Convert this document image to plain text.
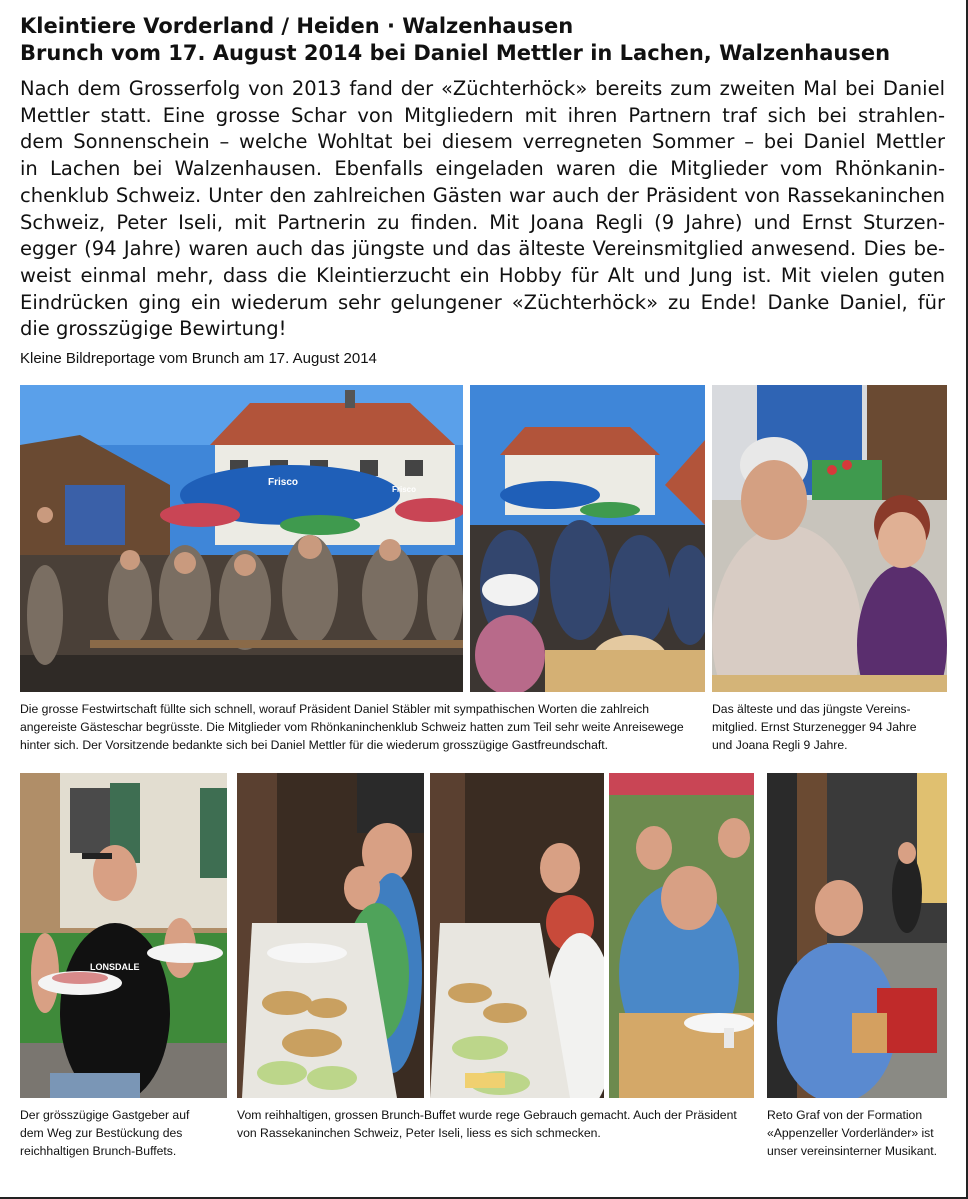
Kleintiere Vorderland / Heiden · Walzenhausen
Brunch vom 17. August 2014 bei Daniel Mettler in Lachen, Walzenhausen
Nach dem Grosserfolg von 2013 fand der «Züchterhöck» bereits zum zweiten Mal bei Daniel
Mettler statt. Eine grosse Schar von Mitgliedern mit ihren Partnern traf sich bei strahlen-
dem Sonnenschein – welche Wohltat bei diesem verregneten Sommer – bei Daniel Mettler
in Lachen bei Walzenhausen. Ebenfalls eingeladen waren die Mitglieder vom Rhönkanin-
chenklub Schweiz. Unter den zahlreichen Gästen war auch der Präsident von Rassekaninchen
Schweiz, Peter Iseli, mit Partnerin zu finden. Mit Joana Regli (9 Jahre) und Ernst Sturzen-
egger (94 Jahre) waren auch das jüngste und das älteste Vereinsmitglied anwesend. Dies be-
weist einmal mehr, dass die Kleintierzucht ein Hobby für Alt und Jung ist. Mit vielen guten
Eindrücken ging ein wiederum sehr gelungener «Züchterhöck» zu Ende! Danke Daniel, für
die grosszügige Bewirtung!
Kleine Bildreportage vom Brunch am 17. August 2014
Frisco
Frisco
Die grosse Festwirtschaft füllte sich schnell, worauf Präsident Daniel Stäbler mit sympathischen Worten die zahlreich
angereiste Gästeschar begrüsste. Die Mitglieder vom Rhönkaninchenklub Schweiz hatten zum Teil sehr weite Anreisewege
hinter sich. Der Vorsitzende bedankte sich bei Daniel Mettler für die wiederum grosszügige Gastfreundschaft.
Das älteste und das jüngste Vereins-
mitglied. Ernst Sturzenegger 94 Jahre
und Joana Regli 9 Jahre.
LONSDALE
Der grösszügige Gastgeber auf
dem Weg zur Bestückung des
reichhaltigen Brunch-Buffets.
Vom reihhaltigen, grossen Brunch-Buffet wurde rege Gebrauch gemacht. Auch der Präsident
von Rassekaninchen Schweiz, Peter Iseli, liess es sich schmecken.
Reto Graf von der Formation
«Appenzeller Vorderländer» ist
unser vereinsinterner Musikant.
